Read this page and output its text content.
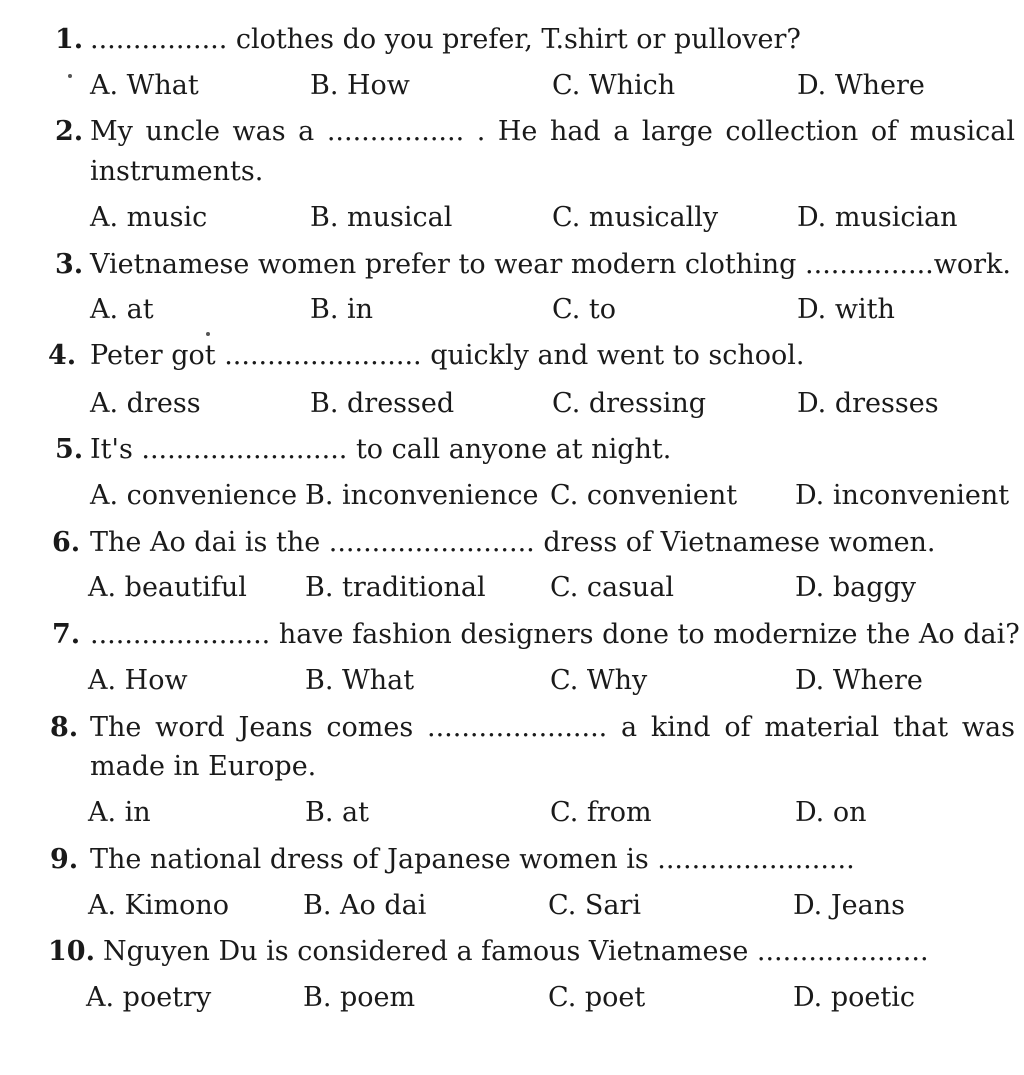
1. ................ clothes do you prefer, T.shirt or pullover?
A. What	B. How	C. Which	D. Where
2. My uncle was a ................ . He had a large collection of musical
instruments.
A. music	B. musical	C. musically	D. musician
3. Vietnamese women prefer to wear modern clothing ...............work.
A. at	B. in	C. to	D. with
4. Peter got ....................... quickly and went to school.
A. dress	B. dressed	C. dressing	D. dresses
5. It's ........................ to call anyone at night.
A. convenience B. inconvenience C. convenient D. inconvenient
6. The Ao dai is the ........................ dress of Vietnamese women.
A. beautiful B. traditional C. casual	D. baggy
7. ..................... have fashion designers done to modernize the Ao dai?
A. How	B. What	C. Why	D. Where
8. The word Jeans comes ..................... a kind of material that was
made in Europe.
A. in	B. at	C. from	D. on
9. The national dress of Japanese women is .......................
A. Kimono	B. Ao dai	C. Sari	D. Jeans
10. Nguyen Du is considered a famous Vietnamese ....................
A. poetry	B. poem	C. poet	D. poetic
